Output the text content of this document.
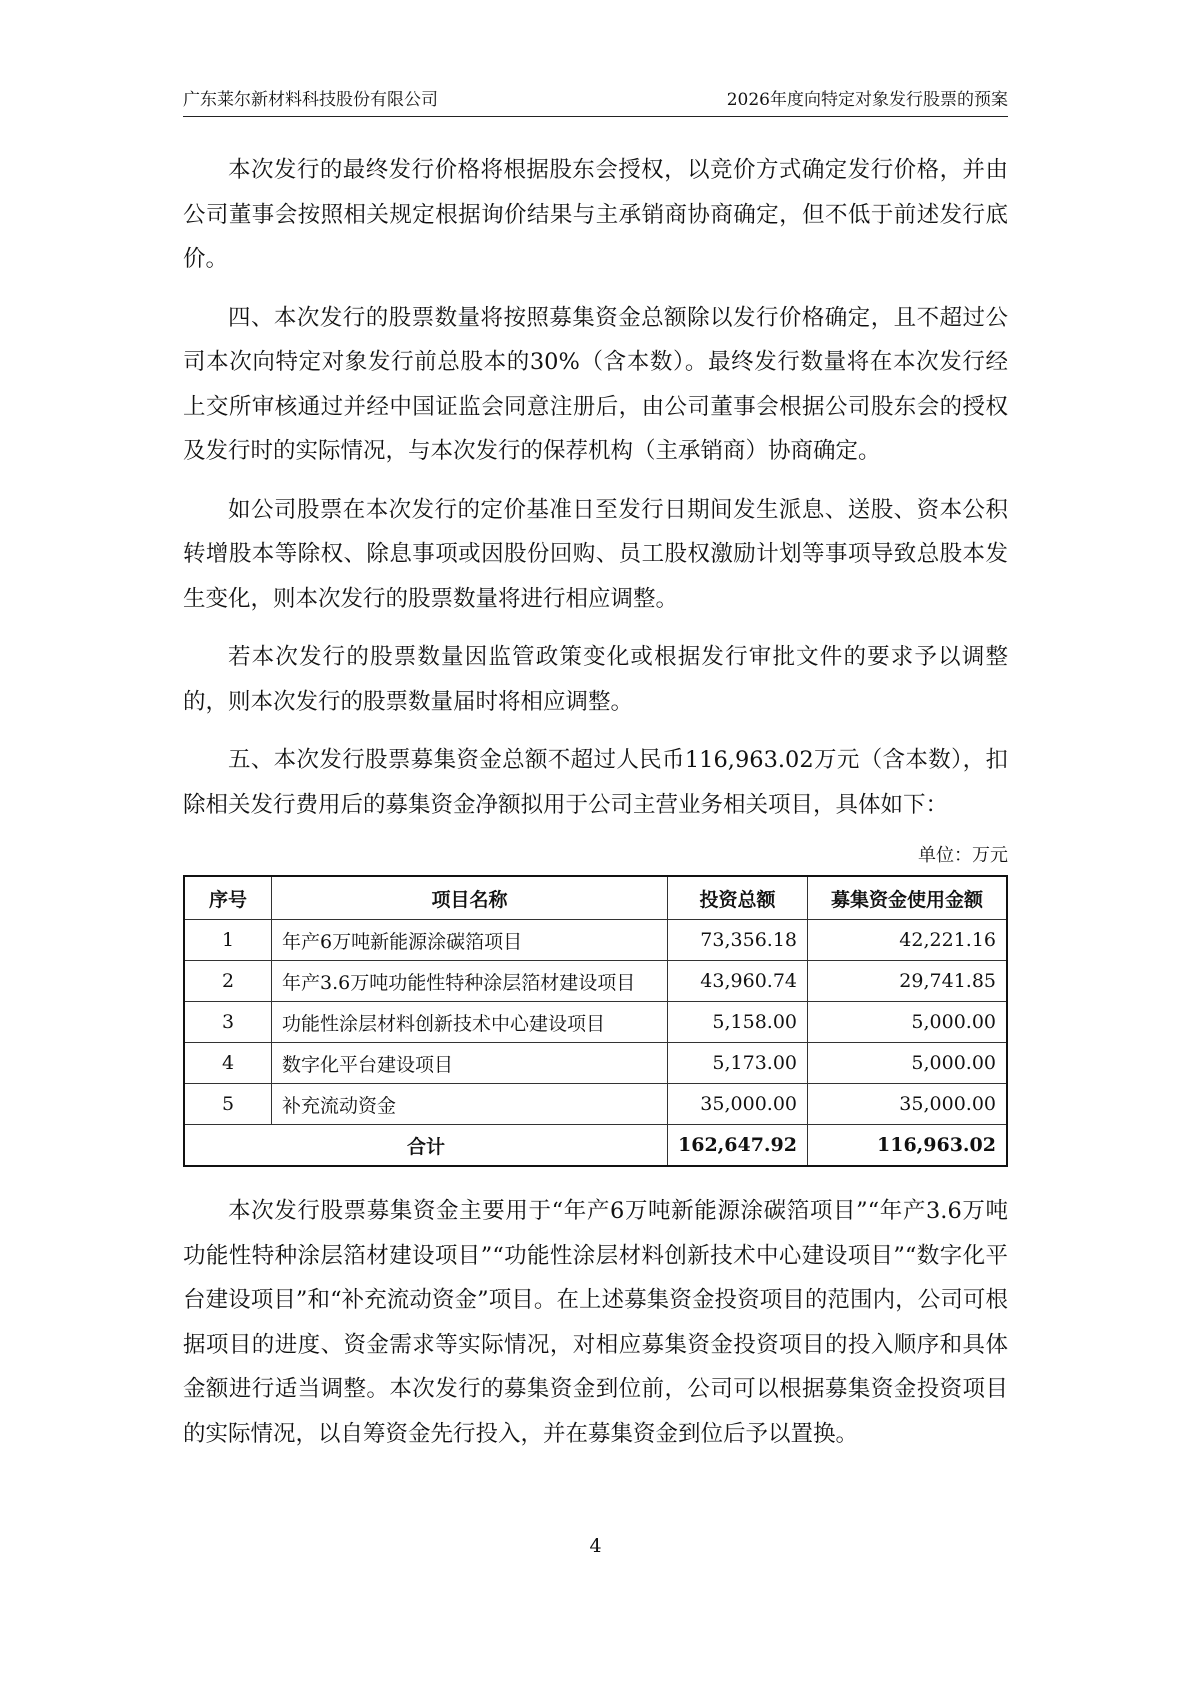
广东莱尔新材料科技股份有限公司	2026年度向特定对象发行股票的预案

本次发行的最终发行价格将根据股东会授权，以竞价方式确定发行价格，并由公司董事会按照相关规定根据询价结果与主承销商协商确定，但不低于前述发行底价。

四、本次发行的股票数量将按照募集资金总额除以发行价格确定，且不超过公司本次向特定对象发行前总股本的30%（含本数）。最终发行数量将在本次发行经上交所审核通过并经中国证监会同意注册后，由公司董事会根据公司股东会的授权及发行时的实际情况，与本次发行的保荐机构（主承销商）协商确定。

如公司股票在本次发行的定价基准日至发行日期间发生派息、送股、资本公积转增股本等除权、除息事项或因股份回购、员工股权激励计划等事项导致总股本发生变化，则本次发行的股票数量将进行相应调整。

若本次发行的股票数量因监管政策变化或根据发行审批文件的要求予以调整的，则本次发行的股票数量届时将相应调整。

五、本次发行股票募集资金总额不超过人民币116,963.02万元（含本数），扣除相关发行费用后的募集资金净额拟用于公司主营业务相关项目，具体如下：

单位：万元
序号	项目名称	投资总额	募集资金使用金额
1	年产6万吨新能源涂碳箔项目	73,356.18	42,221.16
2	年产3.6万吨功能性特种涂层箔材建设项目	43,960.74	29,741.85
3	功能性涂层材料创新技术中心建设项目	5,158.00	5,000.00
4	数字化平台建设项目	5,173.00	5,000.00
5	补充流动资金	35,000.00	35,000.00
合计		162,647.92	116,963.02

本次发行股票募集资金主要用于“年产6万吨新能源涂碳箔项目”“年产3.6万吨功能性特种涂层箔材建设项目”“功能性涂层材料创新技术中心建设项目”“数字化平台建设项目”和“补充流动资金”项目。在上述募集资金投资项目的范围内，公司可根据项目的进度、资金需求等实际情况，对相应募集资金投资项目的投入顺序和具体金额进行适当调整。本次发行的募集资金到位前，公司可以根据募集资金投资项目的实际情况，以自筹资金先行投入，并在募集资金到位后予以置换。

4
